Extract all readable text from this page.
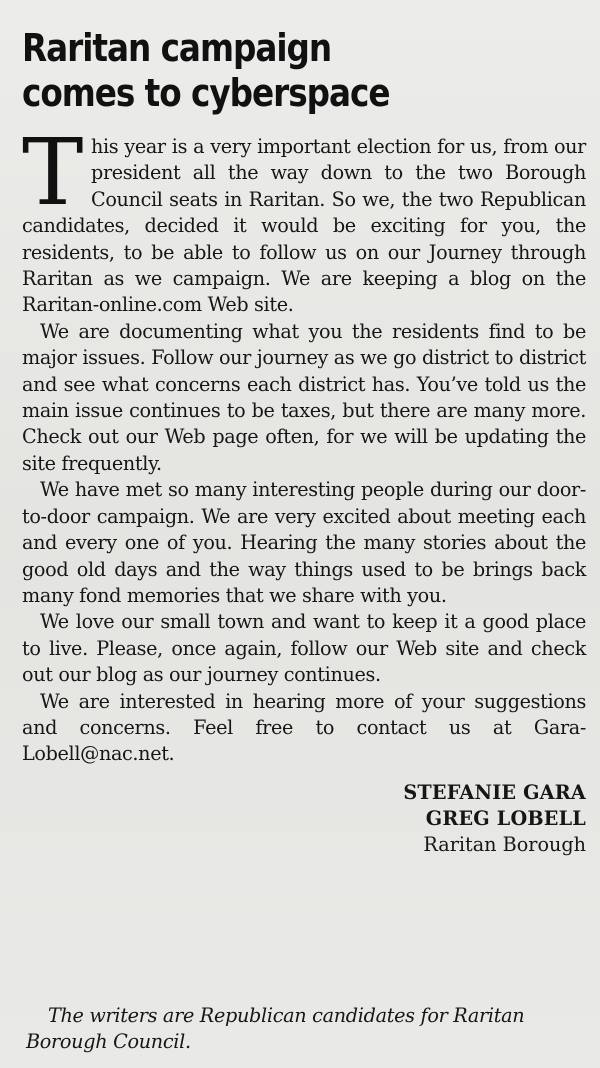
Raritan campaign
comes to cyberspace

This year is a very important election for us, from our president all the way down to the two Borough Council seats in Raritan. So we, the two Republican candidates, decided it would be exciting for you, the residents, to be able to follow us on our Journey through Raritan as we campaign. We are keeping a blog on the Raritan-online.com Web site.

We are documenting what you the residents find to be major issues. Follow our journey as we go district to district and see what concerns each district has. You’ve told us the main issue continues to be taxes, but there are many more. Check out our Web page often, for we will be updating the site frequently.

We have met so many interesting people during our door-to-door campaign. We are very excited about meeting each and every one of you. Hearing the many stories about the good old days and the way things used to be brings back many fond memories that we share with you.

We love our small town and want to keep it a good place to live. Please, once again, follow our Web site and check out our blog as our journey continues.

We are interested in hearing more of your suggestions and concerns. Feel free to contact us at Gara-Lobell@nac.net.

STEFANIE GARA
GREG LOBELL
Raritan Borough
The writers are Republican candidates for Raritan Borough Council.
